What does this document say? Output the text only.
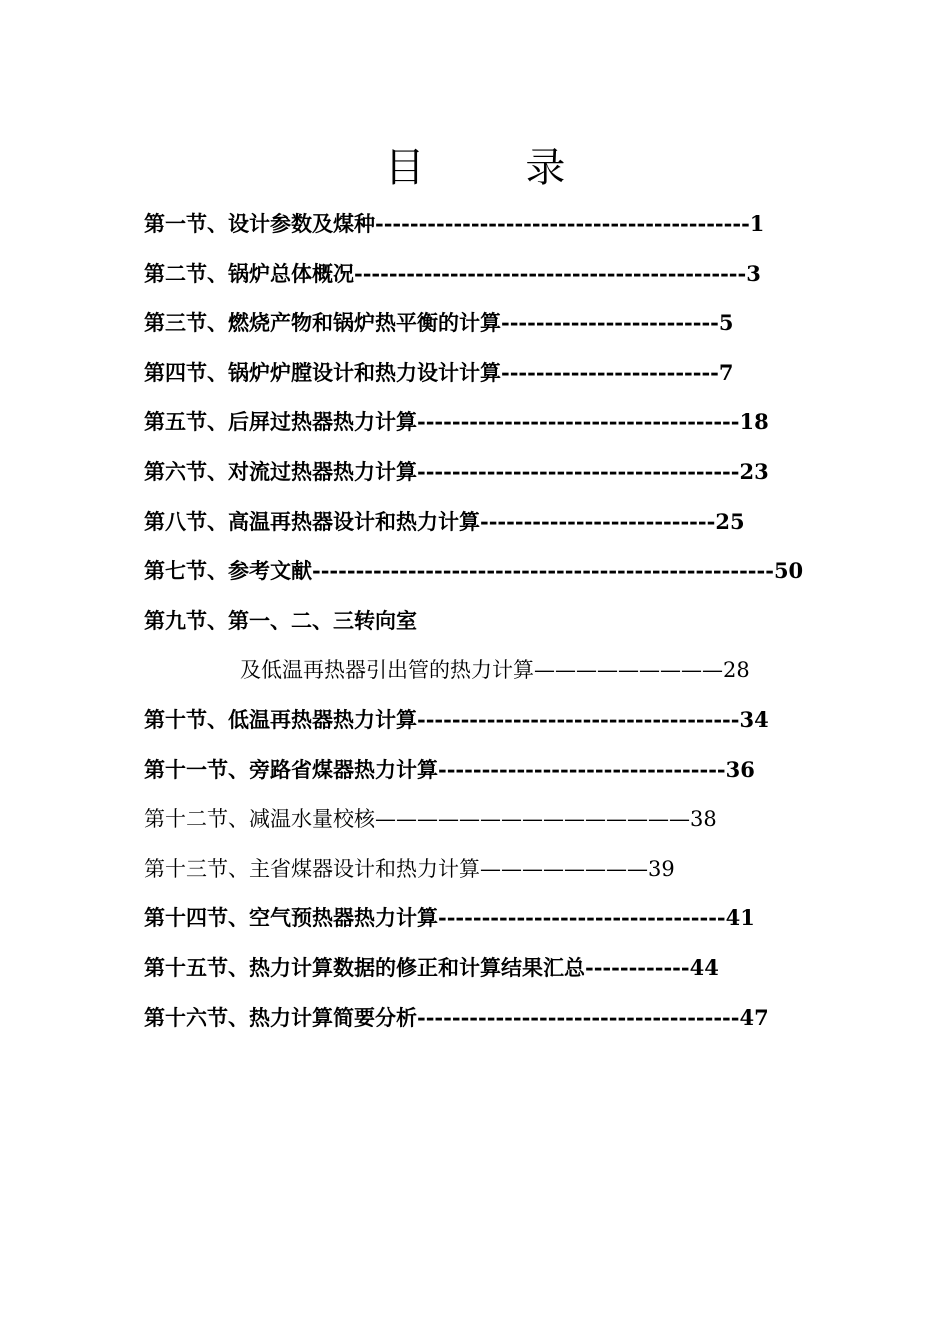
目 录
第一节、设计参数及煤种-------------------------------------------1
第二节、锅炉总体概况---------------------------------------------3
第三节、燃烧产物和锅炉热平衡的计算-------------------------5
第四节、锅炉炉膛设计和热力设计计算-------------------------7
第五节、后屏过热器热力计算-------------------------------------18
第六节、对流过热器热力计算-------------------------------------23
第八节、高温再热器设计和热力计算---------------------------25
第七节、参考文献-----------------------------------------------------50
第九节、第一、二、三转向室
及低温再热器引出管的热力计算—————————28
第十节、低温再热器热力计算-------------------------------------34
第十一节、旁路省煤器热力计算---------------------------------36
第十二节、减温水量校核———————————————38
第十三节、主省煤器设计和热力计算————————39
第十四节、空气预热器热力计算---------------------------------41
第十五节、热力计算数据的修正和计算结果汇总------------44
第十六节、热力计算简要分析-------------------------------------47
